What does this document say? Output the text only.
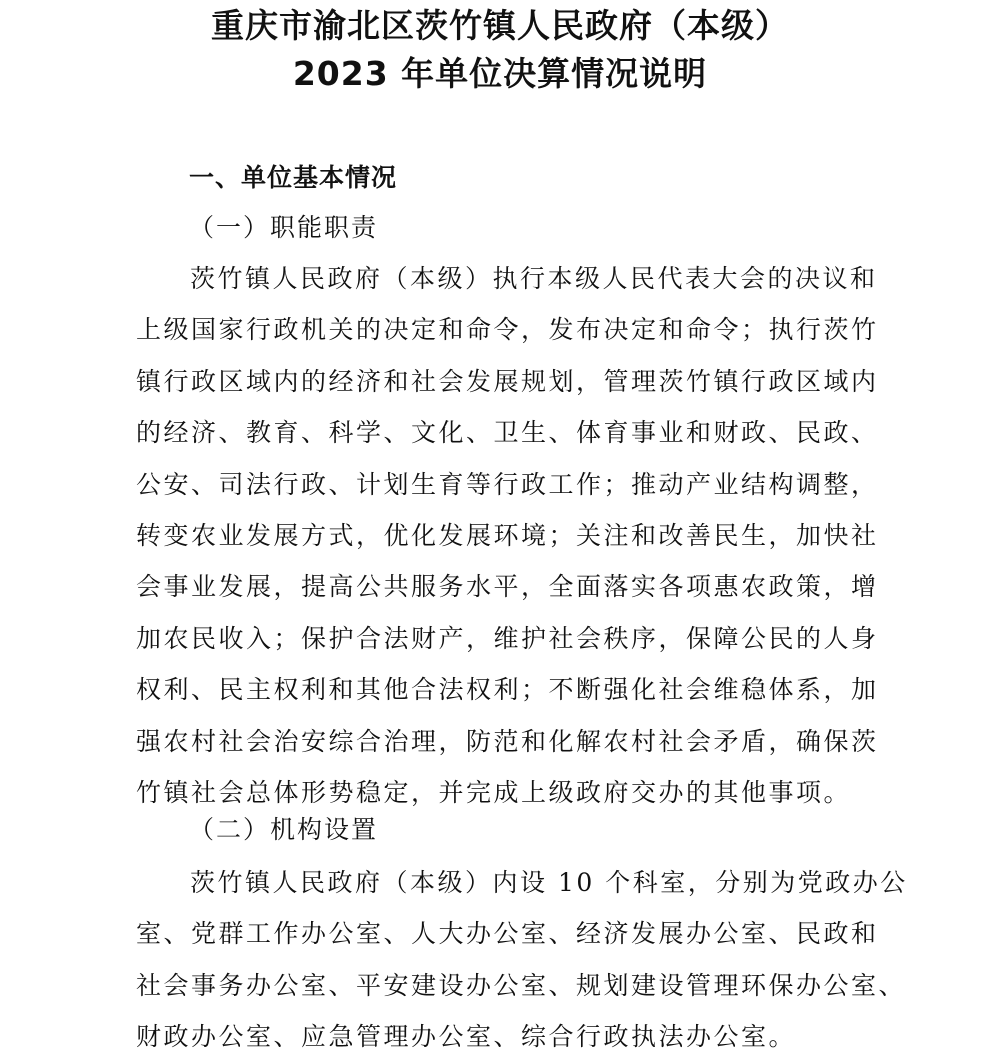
重庆市渝北区茨竹镇人民政府（本级）
2023 年单位决算情况说明
一、单位基本情况
（一）职能职责
茨竹镇人民政府（本级）执行本级人民代表大会的决议和
上级国家行政机关的决定和命令，发布决定和命令；执行茨竹
镇行政区域内的经济和社会发展规划，管理茨竹镇行政区域内
的经济、教育、科学、文化、卫生、体育事业和财政、民政、
公安、司法行政、计划生育等行政工作；推动产业结构调整，
转变农业发展方式，优化发展环境；关注和改善民生，加快社
会事业发展，提高公共服务水平，全面落实各项惠农政策，增
加农民收入；保护合法财产，维护社会秩序，保障公民的人身
权利、民主权利和其他合法权利；不断强化社会维稳体系，加
强农村社会治安综合治理，防范和化解农村社会矛盾，确保茨
竹镇社会总体形势稳定，并完成上级政府交办的其他事项。
（二）机构设置
茨竹镇人民政府（本级）内设 10 个科室，分别为党政办公
室、党群工作办公室、人大办公室、经济发展办公室、民政和
社会事务办公室、平安建设办公室、规划建设管理环保办公室、
财政办公室、应急管理办公室、综合行政执法办公室。
